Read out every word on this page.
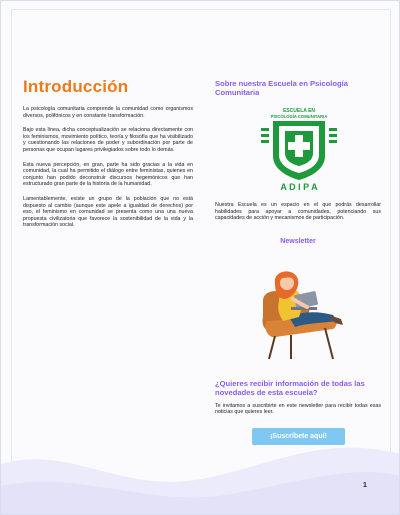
Introducción

La psicología comunitaria comprende la comunidad como organismos diversos, polifónicos y en constante transformación.

Bajo esta línea, dicha conceptualización se relaciona directamente con los feminismos, movimiento político, teoría y filosofía que ha visibilizado y cuestionando las relaciones de poder y subordinación por parte de personas que ocupan lugares privilegiados sobre todo lo demás.

Esta nueva percepción, en gran, parte ha sido gracias a la vida en comunidad, la cual ha permitido el diálogo entre feministas, quienes en conjunto han podido deconstruir discursos hegemónicos que han estructurado gran parte de la historia de la humanidad.

Lamentablemente, existe un grupo de la población que no está dispuesto al cambio (aunque este apele a igualdad de derechos) por eso, el feminismo en comunidad se presenta como una una nueva propuesta civilizatoria que favorece la sostenibilidad de la vida y la transformación social.

Sobre nuestra Escuela en Psicología Comunitaria
ESCUELA EN
PSICOLOGÍA COMUNITARIA
A D I P A

Nuestra Escuela es un espacio en el que podrás desarrollar habilidades para apoyar a comunidades, potenciando sus capacidades de acción y mecanismos de participación.

Newsletter

¿Quieres recibir información de todas las novedades de esta escuela?

Te invitamos a suscribirte en este newsletter para recibir todas esas noticias que quieres leer.

¡Suscríbete aquí!
1
